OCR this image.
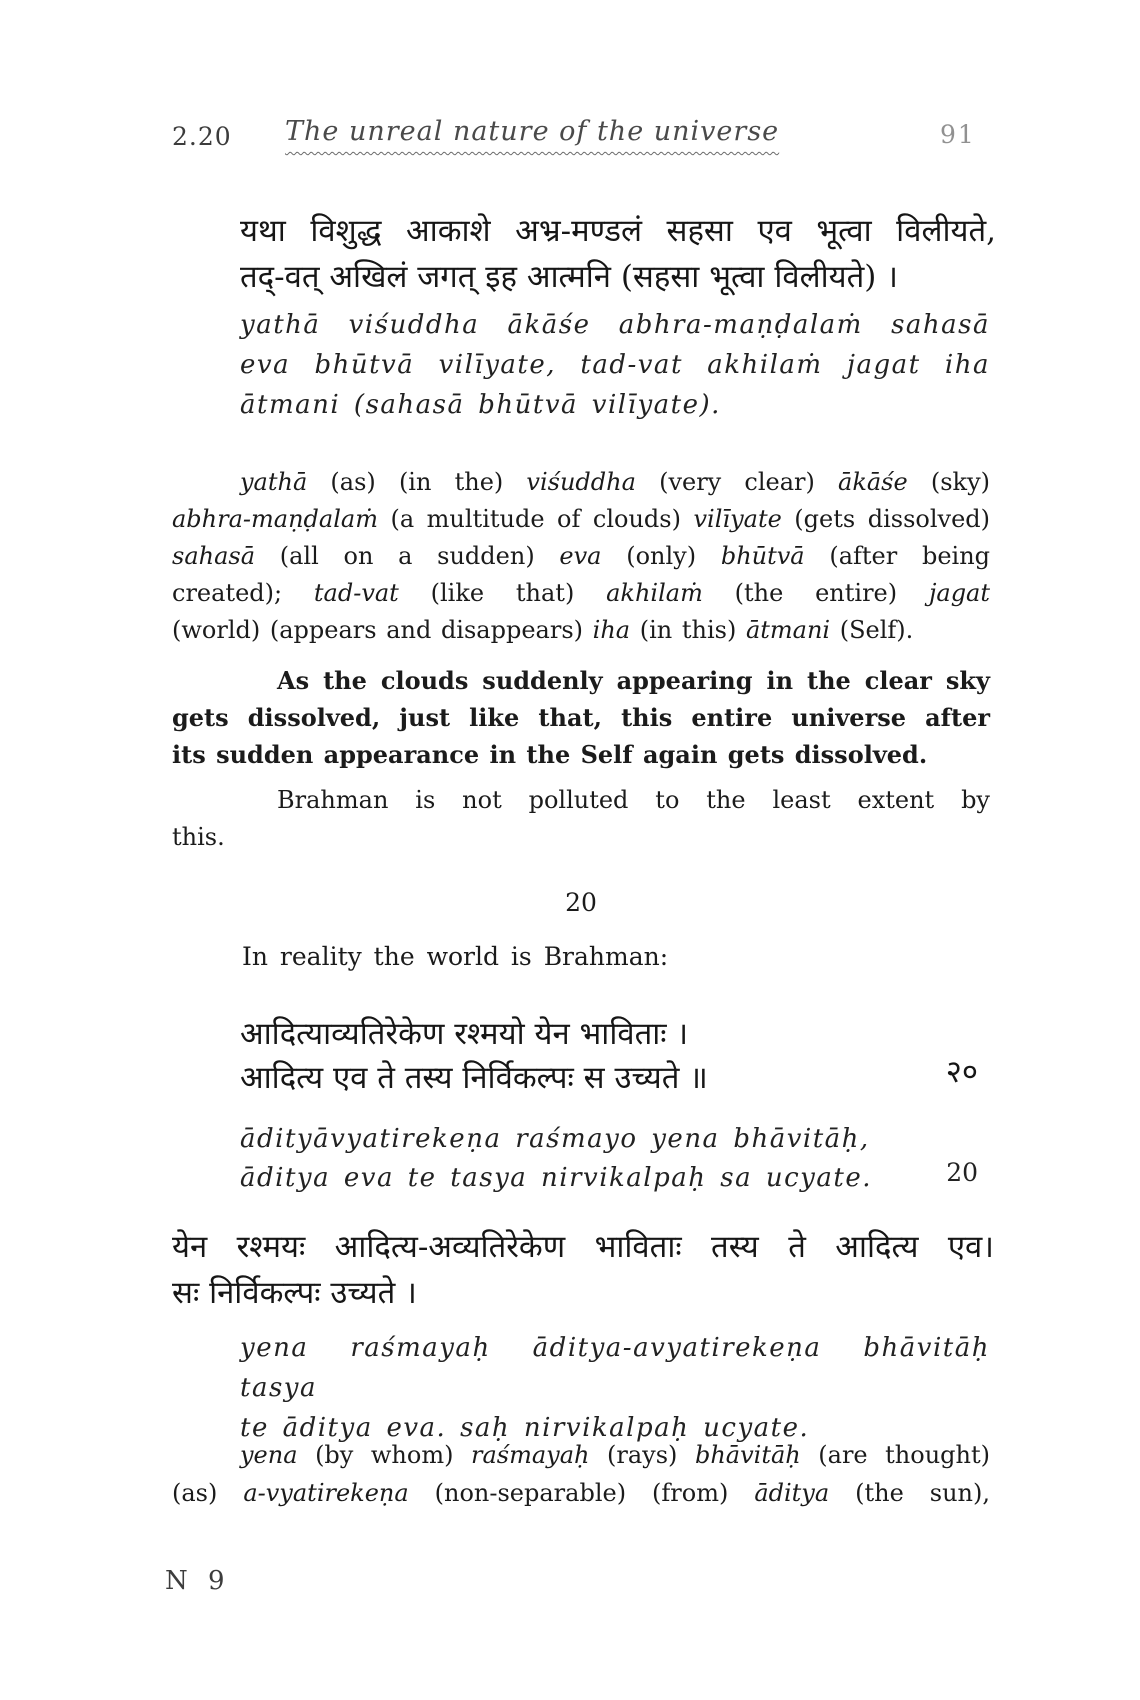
2.20 The unreal nature of the universe	91
यथा विशुद्ध आकाशे अभ्र-मण्डलं सहसा एव भूत्वा विलीयते,
तद्-वत् अखिलं जगत् इह आत्मनि (सहसा भूत्वा विलीयते) ।
yathā viśuddha ākāśe abhra-maṇḍalaṁ sahasā
eva bhūtvā vilīyate, tad-vat akhilaṁ jagat iha
ātmani (sahasā bhūtvā vilīyate).
yathā (as) (in the) viśuddha (very clear) ākāśe (sky)
abhra-maṇḍalaṁ (a multitude of clouds) vilīyate (gets dissolved)
sahasā (all on a sudden) eva (only) bhūtvā (after being
created); tad-vat (like that) akhilaṁ (the entire) jagat
(world) (appears and disappears) iha (in this) ātmani (Self).
As the clouds suddenly appearing in the clear sky
gets dissolved, just like that, this entire universe after
its sudden appearance in the Self again gets dissolved.
Brahman is not polluted to the least extent by
this.
20
In reality the world is Brahman:
आदित्याव्यतिरेकेण रश्मयो येन भाविताः ।
आदित्य एव ते तस्य निर्विकल्पः स उच्यते ॥	२०
ādityāvyatirekeṇa raśmayo yena bhāvitāḥ,
āditya eva te tasya nirvikalpaḥ sa ucyate.	20
येन रश्मयः आदित्य-अव्यतिरेकेण भाविताः तस्य ते आदित्य एव।
सः निर्विकल्पः उच्यते ।
yena raśmayaḥ āditya-avyatirekeṇa bhāvitāḥ tasya
te āditya eva. saḥ nirvikalpaḥ ucyate.
yena (by whom) raśmayaḥ (rays) bhāvitāḥ (are thought)
(as) a-vyatirekeṇa (non-separable) (from) āditya (the sun),
N 9
